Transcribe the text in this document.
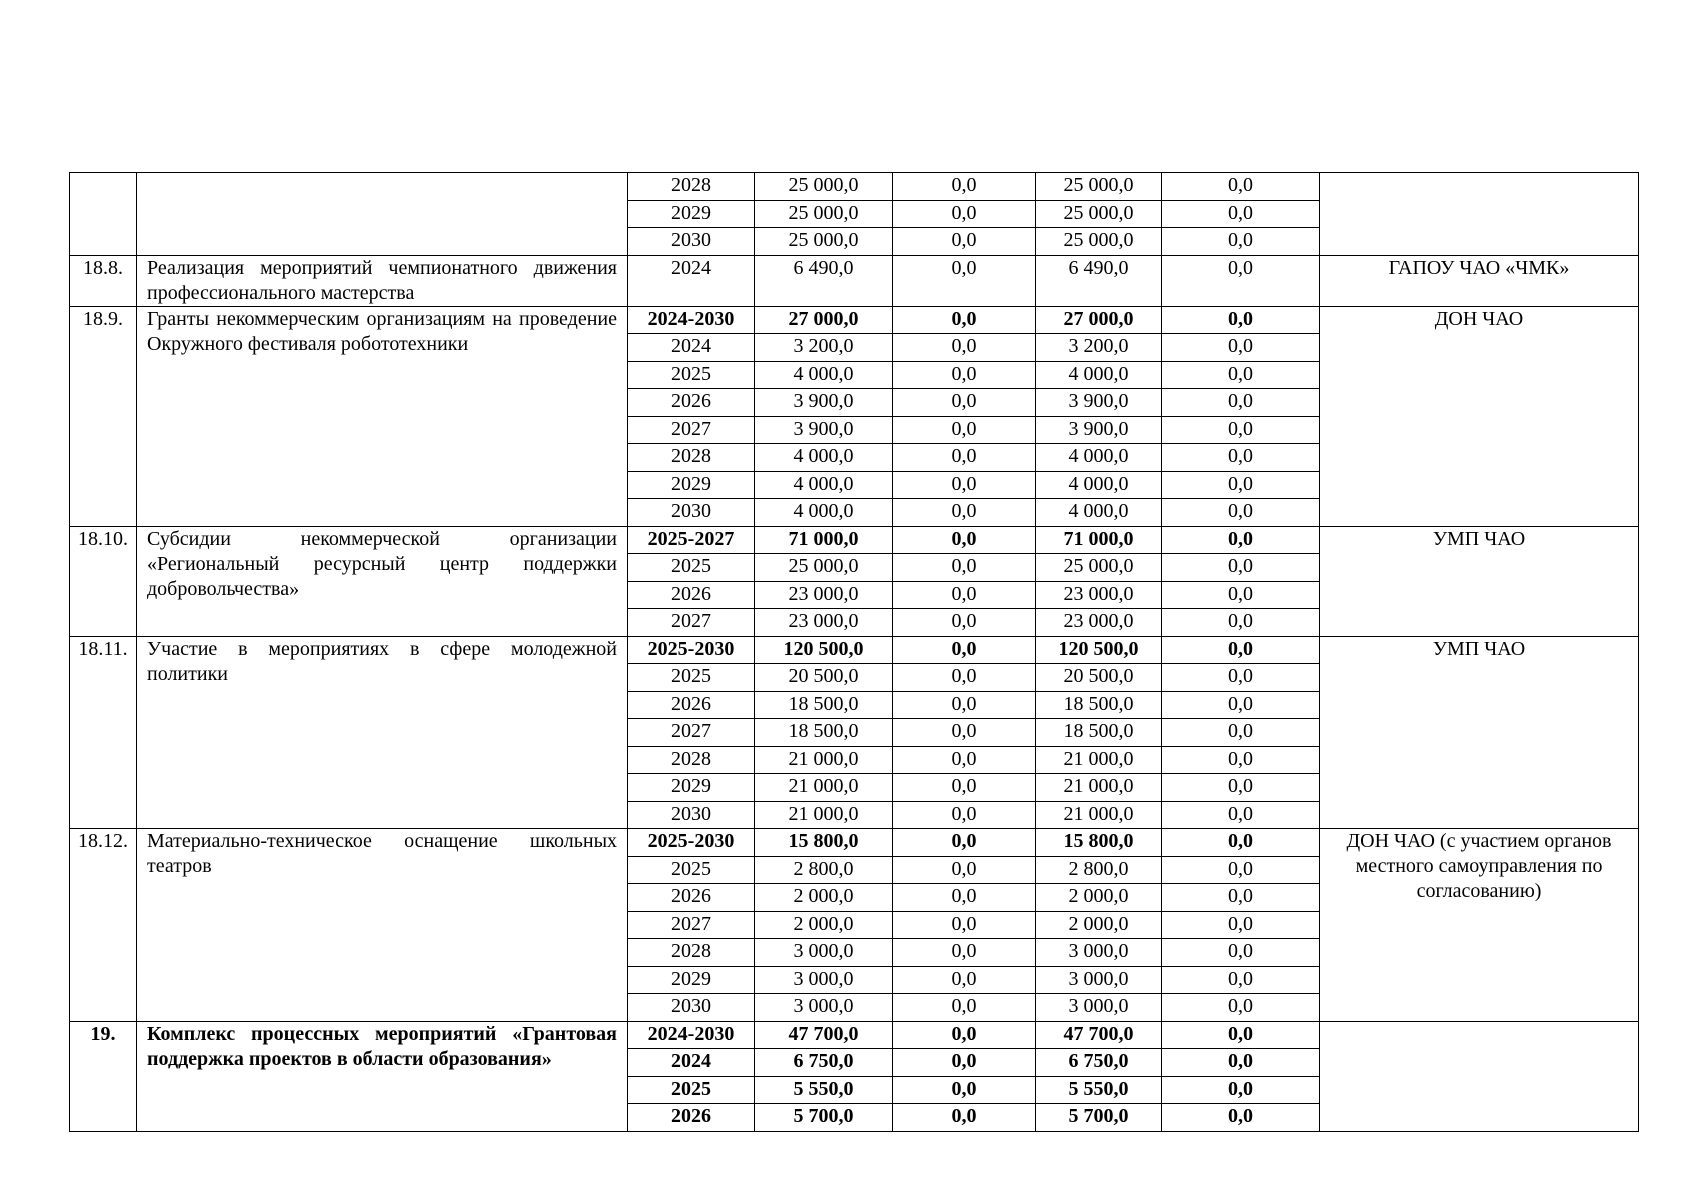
		2028	25 000,0	0,0	25 000,0	0,0	
		2029	25 000,0	0,0	25 000,0	0,0	
		2030	25 000,0	0,0	25 000,0	0,0	
18.8.	Реализация мероприятий чемпионатного движения профессионального мастерства	2024	6 490,0	0,0	6 490,0	0,0	ГАПОУ ЧАО «ЧМК»
18.9.	Гранты некоммерческим организациям на проведение Окружного фестиваля робототехники	2024-2030	27 000,0	0,0	27 000,0	0,0	ДОН ЧАО
		2024	3 200,0	0,0	3 200,0	0,0	
		2025	4 000,0	0,0	4 000,0	0,0	
		2026	3 900,0	0,0	3 900,0	0,0	
		2027	3 900,0	0,0	3 900,0	0,0	
		2028	4 000,0	0,0	4 000,0	0,0	
		2029	4 000,0	0,0	4 000,0	0,0	
		2030	4 000,0	0,0	4 000,0	0,0	
18.10.	Субсидии некоммерческой организации «Региональный ресурсный центр поддержки добровольчества»	2025-2027	71 000,0	0,0	71 000,0	0,0	УМП ЧАО
		2025	25 000,0	0,0	25 000,0	0,0	
		2026	23 000,0	0,0	23 000,0	0,0	
		2027	23 000,0	0,0	23 000,0	0,0	
18.11.	Участие в мероприятиях в сфере молодежной политики	2025-2030	120 500,0	0,0	120 500,0	0,0	УМП ЧАО
		2025	20 500,0	0,0	20 500,0	0,0	
		2026	18 500,0	0,0	18 500,0	0,0	
		2027	18 500,0	0,0	18 500,0	0,0	
		2028	21 000,0	0,0	21 000,0	0,0	
		2029	21 000,0	0,0	21 000,0	0,0	
		2030	21 000,0	0,0	21 000,0	0,0	
18.12.	Материально-техническое оснащение школьных театров	2025-2030	15 800,0	0,0	15 800,0	0,0	ДОН ЧАО (с участием органов местного самоуправления по согласованию)
		2025	2 800,0	0,0	2 800,0	0,0	
		2026	2 000,0	0,0	2 000,0	0,0	
		2027	2 000,0	0,0	2 000,0	0,0	
		2028	3 000,0	0,0	3 000,0	0,0	
		2029	3 000,0	0,0	3 000,0	0,0	
		2030	3 000,0	0,0	3 000,0	0,0	
19.	Комплекс процессных мероприятий «Грантовая поддержка проектов в области образования»	2024-2030	47 700,0	0,0	47 700,0	0,0	
		2024	6 750,0	0,0	6 750,0	0,0	
		2025	5 550,0	0,0	5 550,0	0,0	
		2026	5 700,0	0,0	5 700,0	0,0	
